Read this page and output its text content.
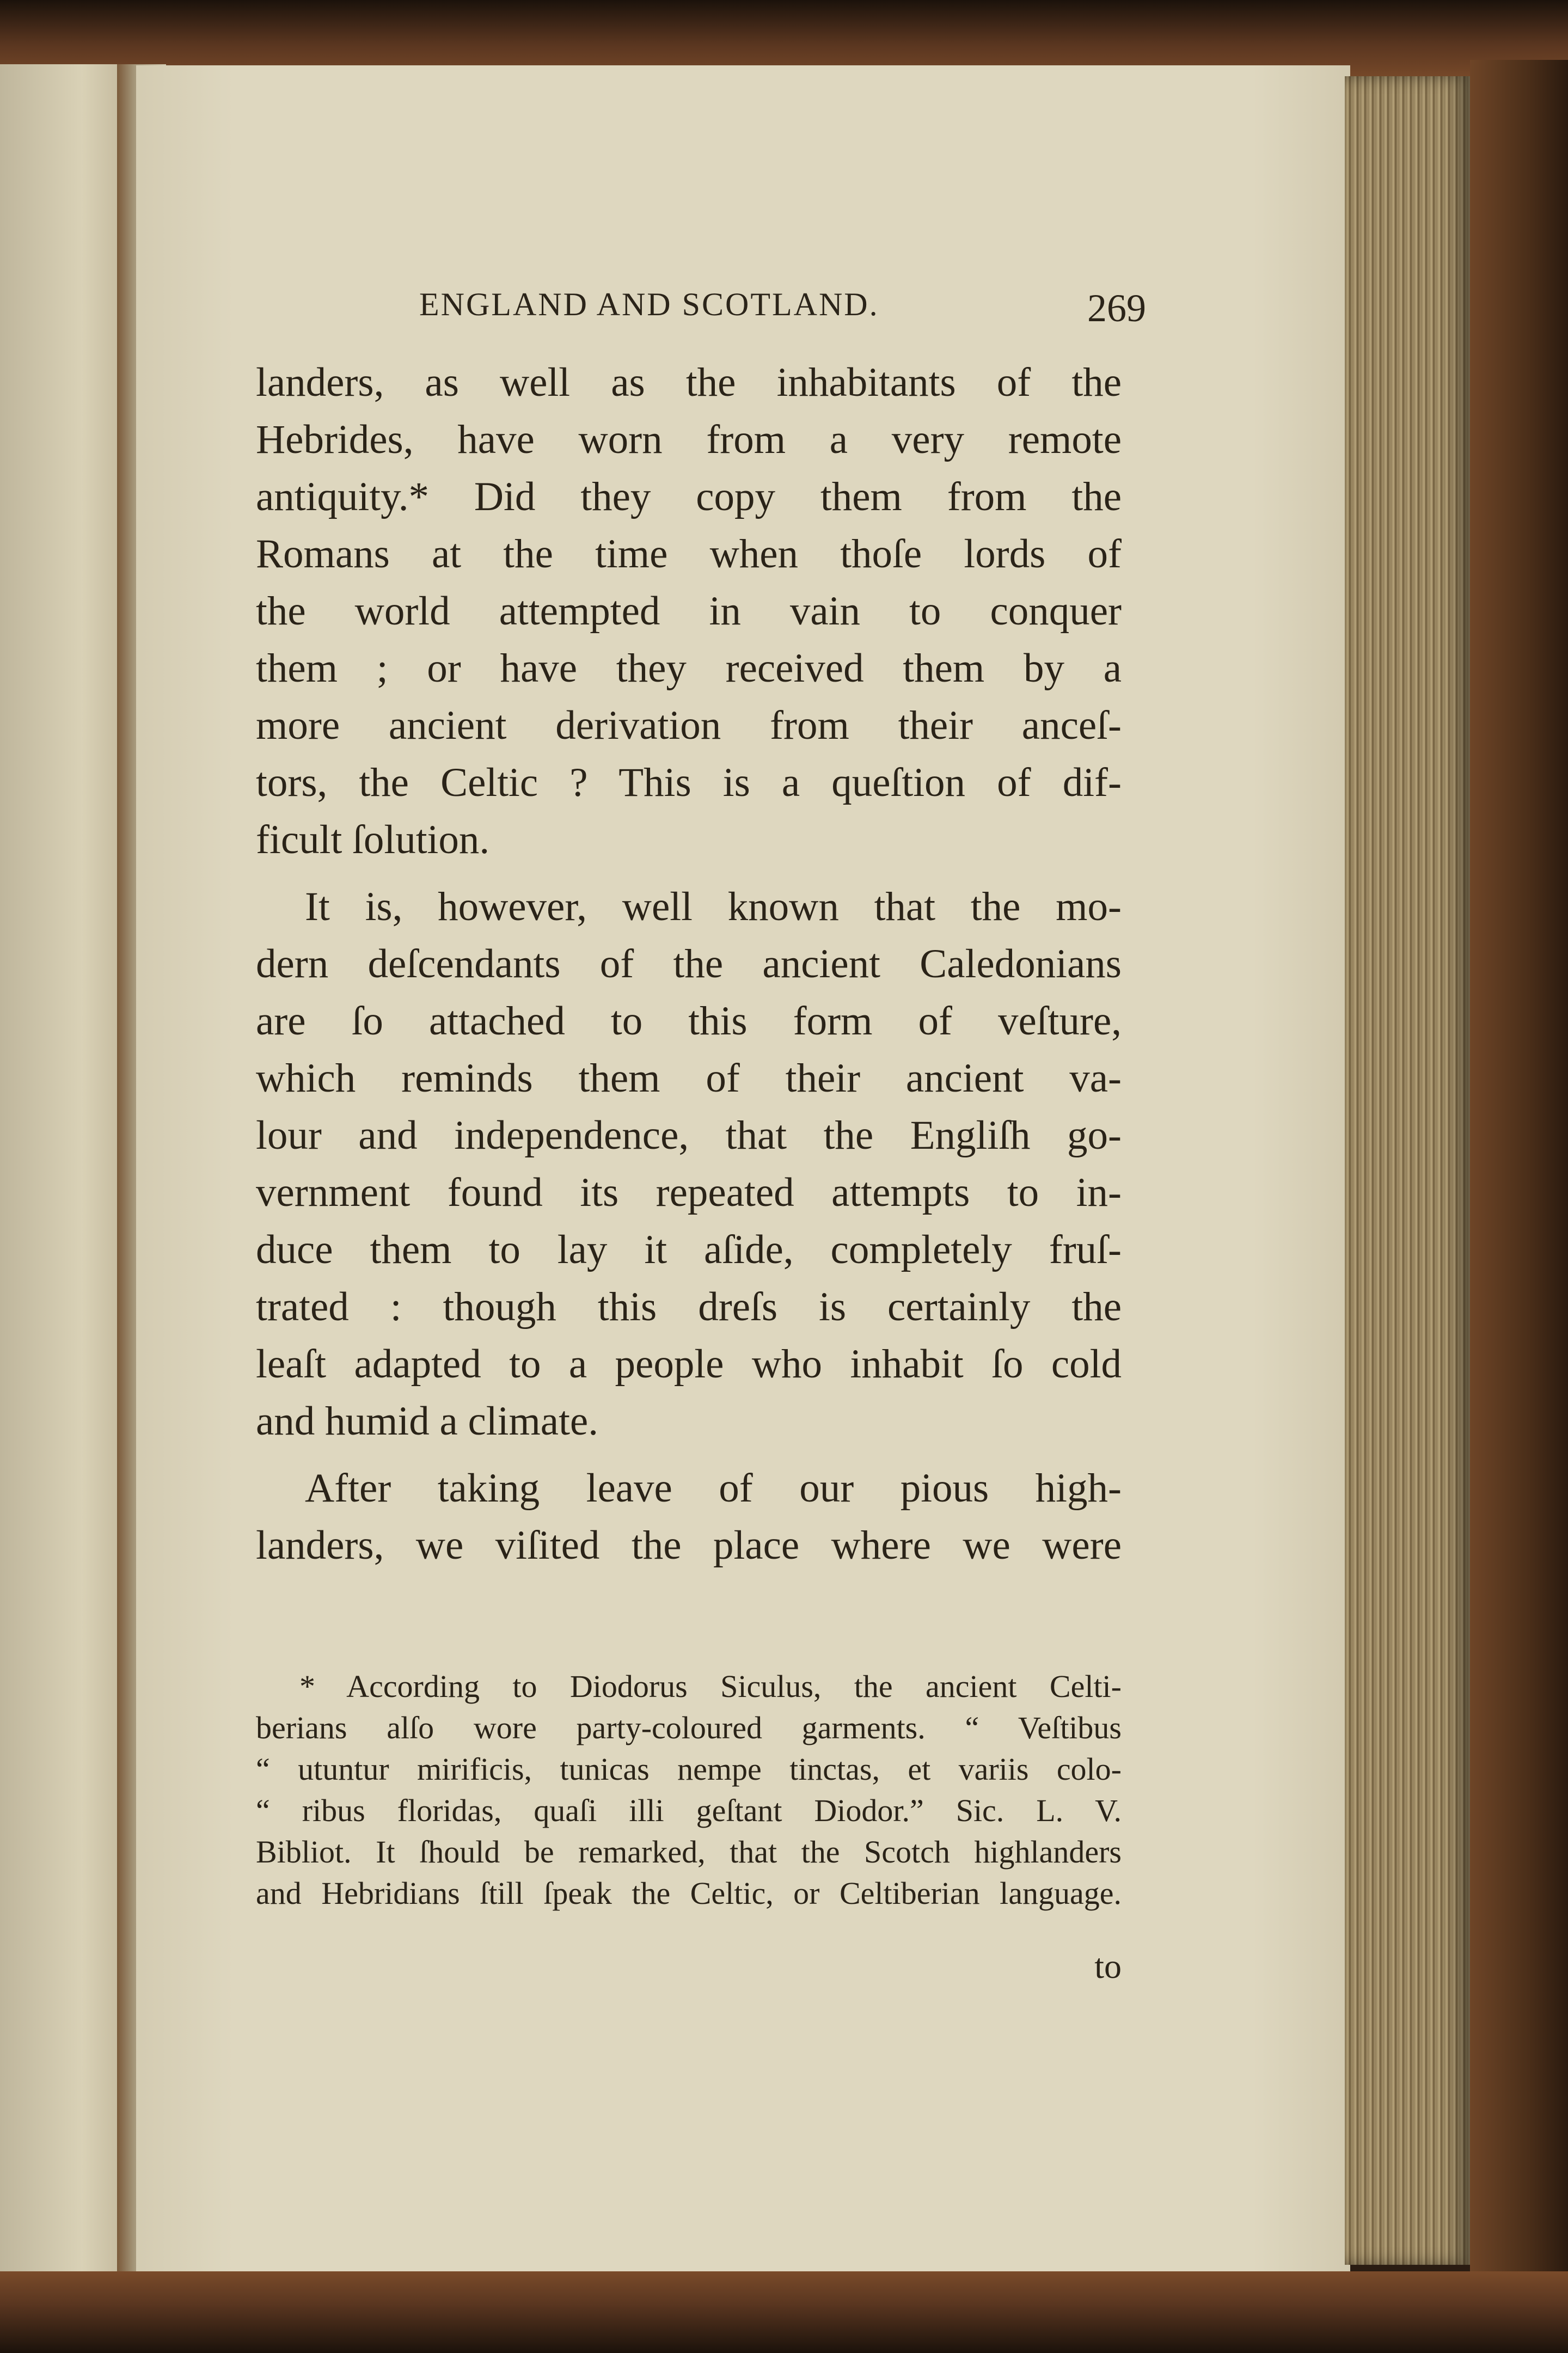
ENGLAND AND SCOTLAND.	269

landers, as well as the inhabitants of the
Hebrides, have worn from a very remote
antiquity.* Did they copy them from the
Romans at the time when thoſe lords of
the world attempted in vain to conquer
them ; or have they received them by a
more ancient derivation from their anceſ-
tors, the Celtic ? This is a queſtion of dif-
ficult ſolution.

It is, however, well known that the mo-
dern deſcendants of the ancient Caledonians
are ſo attached to this form of veſture,
which reminds them of their ancient va-
lour and independence, that the Engliſh go-
vernment found its repeated attempts to in-
duce them to lay it aſide, completely fruſ-
trated : though this dreſs is certainly the
leaſt adapted to a people who inhabit ſo cold
and humid a climate.

After taking leave of our pious high-
landers, we viſited the place where we were

* According to Diodorus Siculus, the ancient Celti-
berians alſo wore party-coloured garments. “ Veſtibus
“ utuntur mirificis, tunicas nempe tinctas, et variis colo-
“ ribus floridas, quaſi illi geſtant Diodor.” Sic. L. V.
Bibliot. It ſhould be remarked, that the Scotch highlanders
and Hebridians ſtill ſpeak the Celtic, or Celtiberian language.
to
